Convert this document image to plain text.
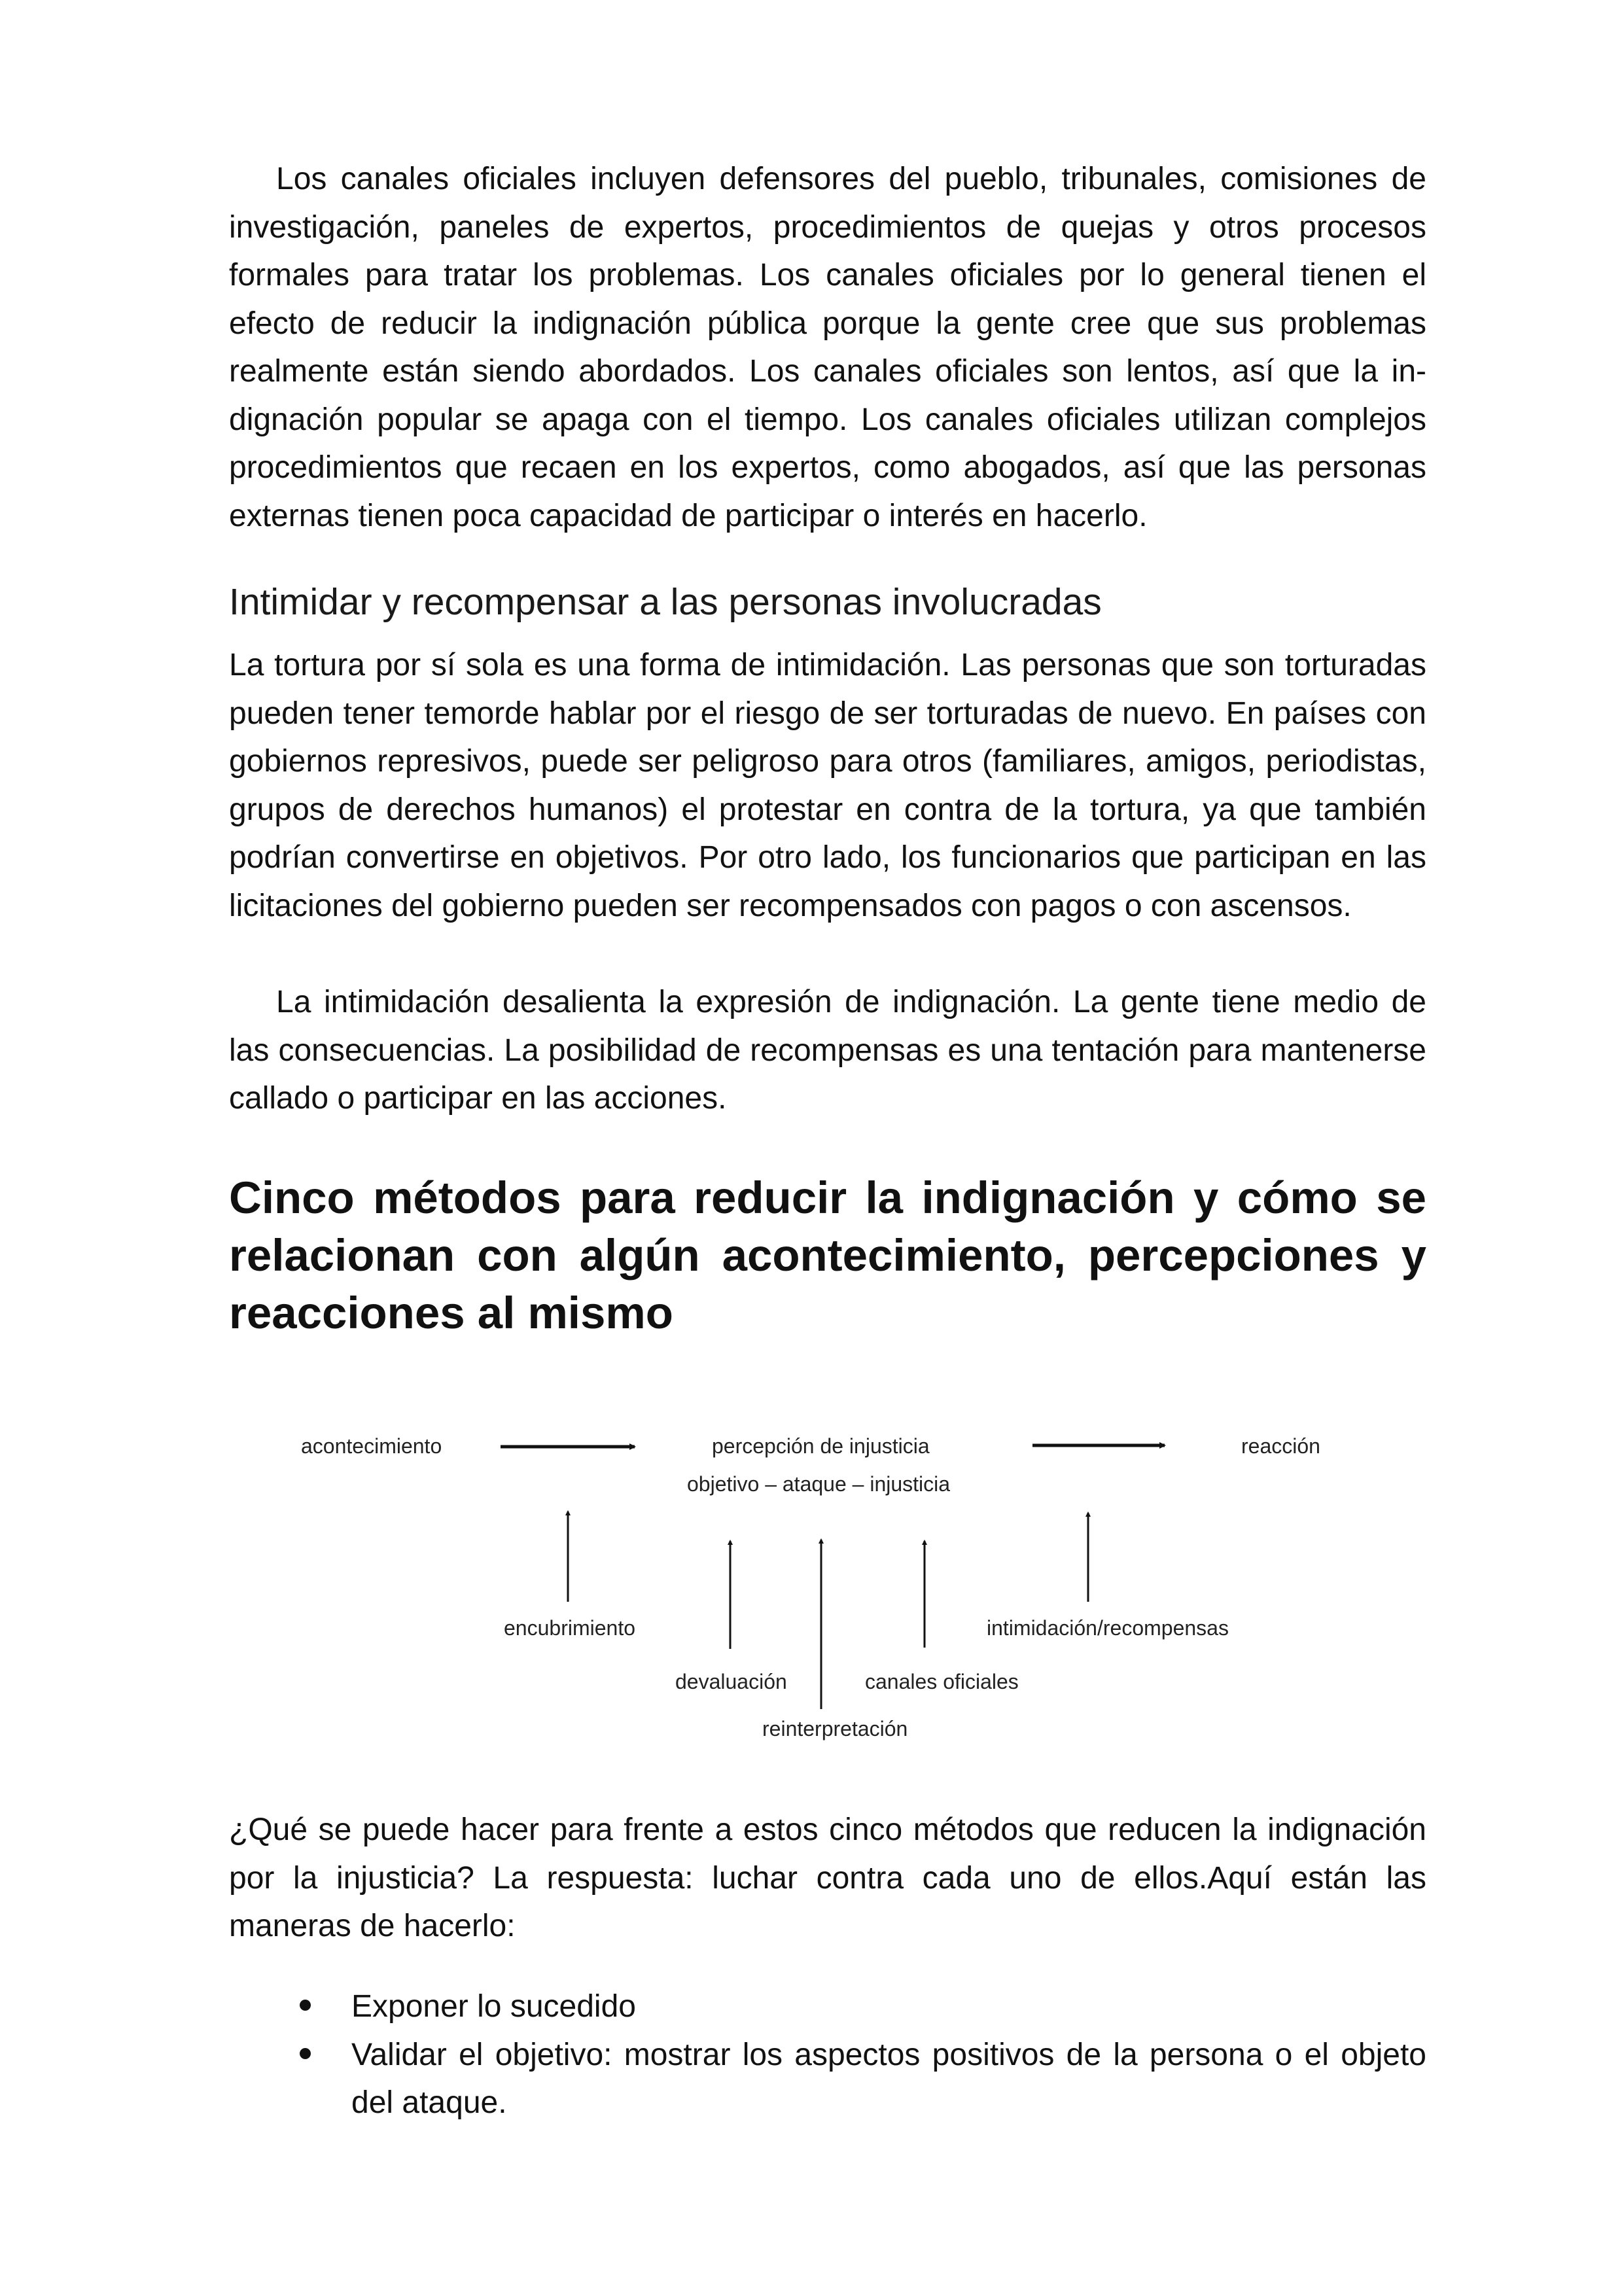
Los canales oficiales incluyen defensores del pueblo, tribunales, comisiones de investigación, paneles de expertos, procedimientos de quejas y otros procesos formales para tratar los problemas. Los canales oficiales por lo general tienen el efecto de reducir la indignación pública porque la gente cree que sus problemas realmente están siendo abordados. Los canales oficiales son lentos, así que la indignación popular se apaga con el tiempo. Los canales oficiales utilizan complejos procedimientos que recaen en los expertos, como abogados, así que las personas externas tienen poca capacidad de participar o interés en hacerlo.

Intimidar y recompensar a las personas involucradas

La tortura por sí sola es una forma de intimidación. Las personas que son torturadas pueden tener temorde hablar por el riesgo de ser torturadas de nuevo. En países con gobiernos represivos, puede ser peligroso para otros (familiares, amigos, periodistas, grupos de derechos humanos) el protestar en contra de la tortura, ya que también podrían convertirse en objetivos. Por otro lado, los funcionarios que participan en las licitaciones del gobierno pueden ser recompensados con pagos o con ascensos.

La intimidación desalienta la expresión de indignación. La gente tiene medio de las consecuencias. La posibilidad de recompensas es una tentación para mantenerse callado o participar en las acciones.

Cinco métodos para reducir la indignación y cómo se relacionan con algún acontecimiento, percepciones y reacciones al mismo

¿Qué se puede hacer para frente a estos cinco métodos que reducen la indignación por la injusticia? La respuesta: luchar contra cada uno de ellos.Aquí están las maneras de hacerlo:

Exponer lo sucedido
Validar el objetivo: mostrar los aspectos positivos de la persona o el objeto del ataque.
acontecimiento	percepción de injusticia
objetivo – ataque – injusticia
reacción
encubrimiento
devaluación
reinterpretación
canales oficiales
intimidación/recompensas
